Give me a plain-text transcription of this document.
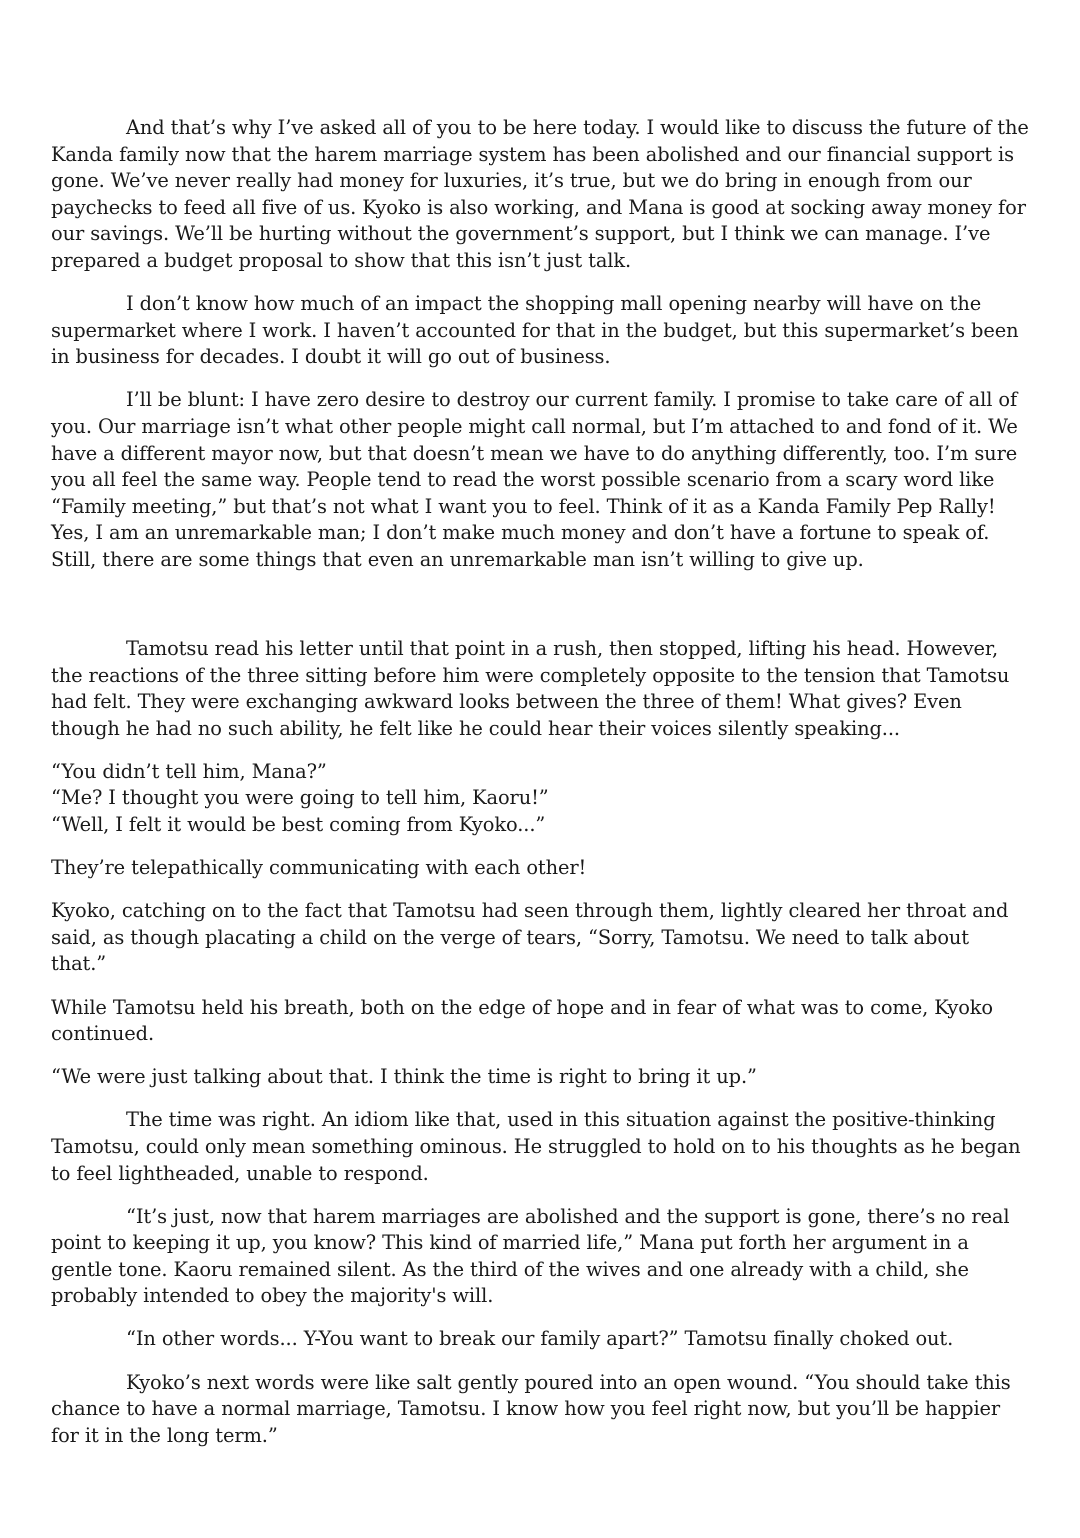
And that’s why I’ve asked all of you to be here today. I would like to discuss the future of the Kanda family now that the harem marriage system has been abolished and our financial support is gone. We’ve never really had money for luxuries, it’s true, but we do bring in enough from our paychecks to feed all five of us. Kyoko is also working, and Mana is good at socking away money for our savings. We’ll be hurting without the government’s support, but I think we can manage. I’ve prepared a budget proposal to show that this isn’t just talk.

I don’t know how much of an impact the shopping mall opening nearby will have on the supermarket where I work. I haven’t accounted for that in the budget, but this supermarket’s been in business for decades. I doubt it will go out of business.

I’ll be blunt: I have zero desire to destroy our current family. I promise to take care of all of you. Our marriage isn’t what other people might call normal, but I’m attached to and fond of it. We have a different mayor now, but that doesn’t mean we have to do anything differently, too. I’m sure you all feel the same way. People tend to read the worst possible scenario from a scary word like “Family meeting,” but that’s not what I want you to feel. Think of it as a Kanda Family Pep Rally! Yes, I am an unremarkable man; I don’t make much money and don’t have a fortune to speak of. Still, there are some things that even an unremarkable man isn’t willing to give up.

Tamotsu read his letter until that point in a rush, then stopped, lifting his head. However, the reactions of the three sitting before him were completely opposite to the tension that Tamotsu had felt. They were exchanging awkward looks between the three of them! What gives? Even though he had no such ability, he felt like he could hear their voices silently speaking...

“You didn’t tell him, Mana?”
“Me? I thought you were going to tell him, Kaoru!”
“Well, I felt it would be best coming from Kyoko...”

They’re telepathically communicating with each other!

Kyoko, catching on to the fact that Tamotsu had seen through them, lightly cleared her throat and said, as though placating a child on the verge of tears, “Sorry, Tamotsu. We need to talk about that.”

While Tamotsu held his breath, both on the edge of hope and in fear of what was to come, Kyoko continued.

“We were just talking about that. I think the time is right to bring it up.”

The time was right. An idiom like that, used in this situation against the positive-thinking Tamotsu, could only mean something ominous. He struggled to hold on to his thoughts as he began to feel lightheaded, unable to respond.

“It’s just, now that harem marriages are abolished and the support is gone, there’s no real point to keeping it up, you know? This kind of married life,” Mana put forth her argument in a gentle tone. Kaoru remained silent. As the third of the wives and one already with a child, she probably intended to obey the majority's will.

“In other words... Y-You want to break our family apart?” Tamotsu finally choked out.

Kyoko’s next words were like salt gently poured into an open wound. “You should take this chance to have a normal marriage, Tamotsu. I know how you feel right now, but you’ll be happier for it in the long term.”
